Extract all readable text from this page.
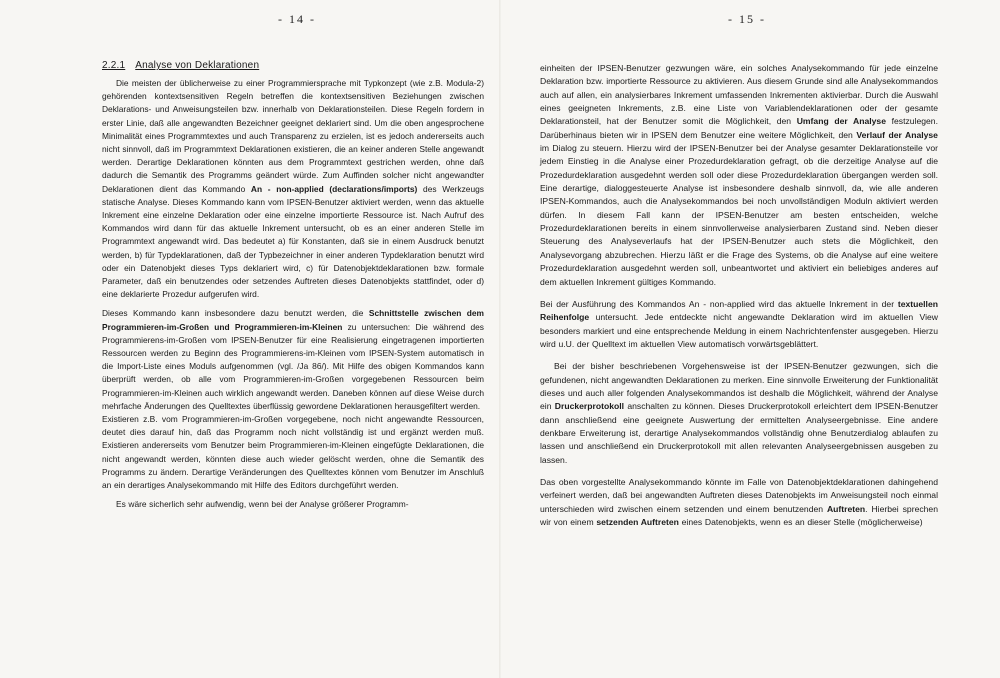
- 14 -	- 15 -
2.2.1 Analyse von Deklarationen

Die meisten der üblicherweise zu einer Programmiersprache mit Typkonzept (wie z.B. Modula-2) gehörenden kontextsensitiven Regeln betreffen die kontextsensitiven Beziehungen zwischen Deklarations- und Anweisungsteilen bzw. innerhalb von Deklarationsteilen. Diese Regeln fordern in erster Linie, daß alle angewandten Bezeichner geeignet deklariert sind. Um die oben angesprochene Minimalität eines Programmtextes und auch Transparenz zu erzielen, ist es jedoch andererseits auch nicht sinnvoll, daß im Programmtext Deklarationen existieren, die an keiner anderen Stelle angewandt werden. Derartige Deklarationen könnten aus dem Programmtext gestrichen werden, ohne daß dadurch die Semantik des Programms geändert würde. Zum Auffinden solcher nicht angewandter Deklarationen dient das Kommando An - non-applied (declarations/imports) des Werkzeugs statische Analyse. Dieses Kommando kann vom IPSEN-Benutzer aktiviert werden, wenn das aktuelle Inkrement eine einzelne Deklaration oder eine einzelne importierte Ressource ist. Nach Aufruf des Kommandos wird dann für das aktuelle Inkrement untersucht, ob es an einer anderen Stelle im Programmtext angewandt wird. Das bedeutet a) für Konstanten, daß sie in einem Ausdruck benutzt werden, b) für Typdeklarationen, daß der Typbezeichner in einer anderen Typdeklaration benutzt wird oder ein Datenobjekt dieses Typs deklariert wird, c) für Datenobjektdeklarationen bzw. formale Parameter, daß ein benutzendes oder setzendes Auftreten dieses Datenobjekts stattfindet, oder d) eine deklarierte Prozedur aufgerufen wird.

Dieses Kommando kann insbesondere dazu benutzt werden, die Schnittstelle zwischen dem Programmieren-im-Großen und Programmieren-im-Kleinen zu untersuchen: Die während des Programmierens-im-Großen vom IPSEN-Benutzer für eine Realisierung eingetragenen importierten Ressourcen werden zu Beginn des Programmierens-im-Kleinen vom IPSEN-System automatisch in die Import-Liste eines Moduls aufgenommen (vgl. /Ja 86/). Mit Hilfe des obigen Kommandos kann überprüft werden, ob alle vom Programmieren-im-Großen vorgegebenen Ressourcen beim Programmieren-im-Kleinen auch wirklich angewandt werden. Daneben können auf diese Weise durch mehrfache Änderungen des Quelltextes überflüssig gewordene Deklarationen herausgefiltert werden.

Existieren z.B. vom Programmieren-im-Großen vorgegebene, noch nicht angewandte Ressourcen, deutet dies darauf hin, daß das Programm noch nicht vollständig ist und ergänzt werden muß. Existieren andererseits vom Benutzer beim Programmieren-im-Kleinen eingefügte Deklarationen, die nicht angewandt werden, könnten diese auch wieder gelöscht werden, ohne die Semantik des Programms zu ändern. Derartige Veränderungen des Quelltextes können vom Benutzer im Anschluß an ein derartiges Analysekommando mit Hilfe des Editors durchgeführt werden.

Es wäre sicherlich sehr aufwendig, wenn bei der Analyse größerer Programm-

einheiten der IPSEN-Benutzer gezwungen wäre, ein solches Analysekommando für jede einzelne Deklaration bzw. importierte Ressource zu aktivieren. Aus diesem Grunde sind alle Analysekommandos auch auf allen, ein analysierbares Inkrement umfassenden Inkrementen aktivierbar. Durch die Auswahl eines geeigneten Inkrements, z.B. eine Liste von Variablendeklarationen oder der gesamte Deklarationsteil, hat der Benutzer somit die Möglichkeit, den Umfang der Analyse festzulegen. Darüberhinaus bieten wir in IPSEN dem Benutzer eine weitere Möglichkeit, den Verlauf der Analyse im Dialog zu steuern. Hierzu wird der IPSEN-Benutzer bei der Analyse gesamter Deklarationsteile vor jedem Einstieg in die Analyse einer Prozedurdeklaration gefragt, ob die derzeitige Analyse auf die Prozedurdeklaration ausgedehnt werden soll oder diese Prozedurdeklaration übergangen werden soll. Eine derartige, dialoggesteuerte Analyse ist insbesondere deshalb sinnvoll, da, wie alle anderen IPSEN-Kommandos, auch die Analysekommandos bei noch unvollständigen Moduln aktiviert werden dürfen. In diesem Fall kann der IPSEN-Benutzer am besten entscheiden, welche Prozedurdeklarationen bereits in einem sinnvollerweise analysierbaren Zustand sind. Neben dieser Steuerung des Analyseverlaufs hat der IPSEN-Benutzer auch stets die Möglichkeit, den Analysevorgang abzubrechen. Hierzu läßt er die Frage des Systems, ob die Analyse auf eine weitere Prozedurdeklaration ausgedehnt werden soll, unbeantwortet und aktiviert ein beliebiges anderes auf dem aktuellen Inkrement gültiges Kommando.

Bei der Ausführung des Kommandos An - non-applied wird das aktuelle Inkrement in der textuellen Reihenfolge untersucht. Jede entdeckte nicht angewandte Deklaration wird im aktuellen View besonders markiert und eine entsprechende Meldung in einem Nachrichtenfenster ausgegeben. Hierzu wird u.U. der Quelltext im aktuellen View automatisch vorwärtsgeblättert.

Bei der bisher beschriebenen Vorgehensweise ist der IPSEN-Benutzer gezwungen, sich die gefundenen, nicht angewandten Deklarationen zu merken. Eine sinnvolle Erweiterung der Funktionalität dieses und auch aller folgenden Analysekommandos ist deshalb die Möglichkeit, während der Analyse ein Druckerprotokoll anschalten zu können. Dieses Druckerprotokoll erleichtert dem IPSEN-Benutzer dann anschließend eine geeignete Auswertung der ermittelten Analyseergebnisse. Eine andere denkbare Erweiterung ist, derartige Analysekommandos vollständig ohne Benutzerdialog ablaufen zu lassen und anschließend ein Druckerprotokoll mit allen relevanten Analyseergebnissen ausgeben zu lassen.

Das oben vorgestellte Analysekommando könnte im Falle von Datenobjektdeklarationen dahingehend verfeinert werden, daß bei angewandten Auftreten dieses Datenobjekts im Anweisungsteil noch einmal unterschieden wird zwischen einem setzenden und einem benutzenden Auftreten. Hierbei sprechen wir von einem setzenden Auftreten eines Datenobjekts, wenn es an dieser Stelle (möglicherweise)
